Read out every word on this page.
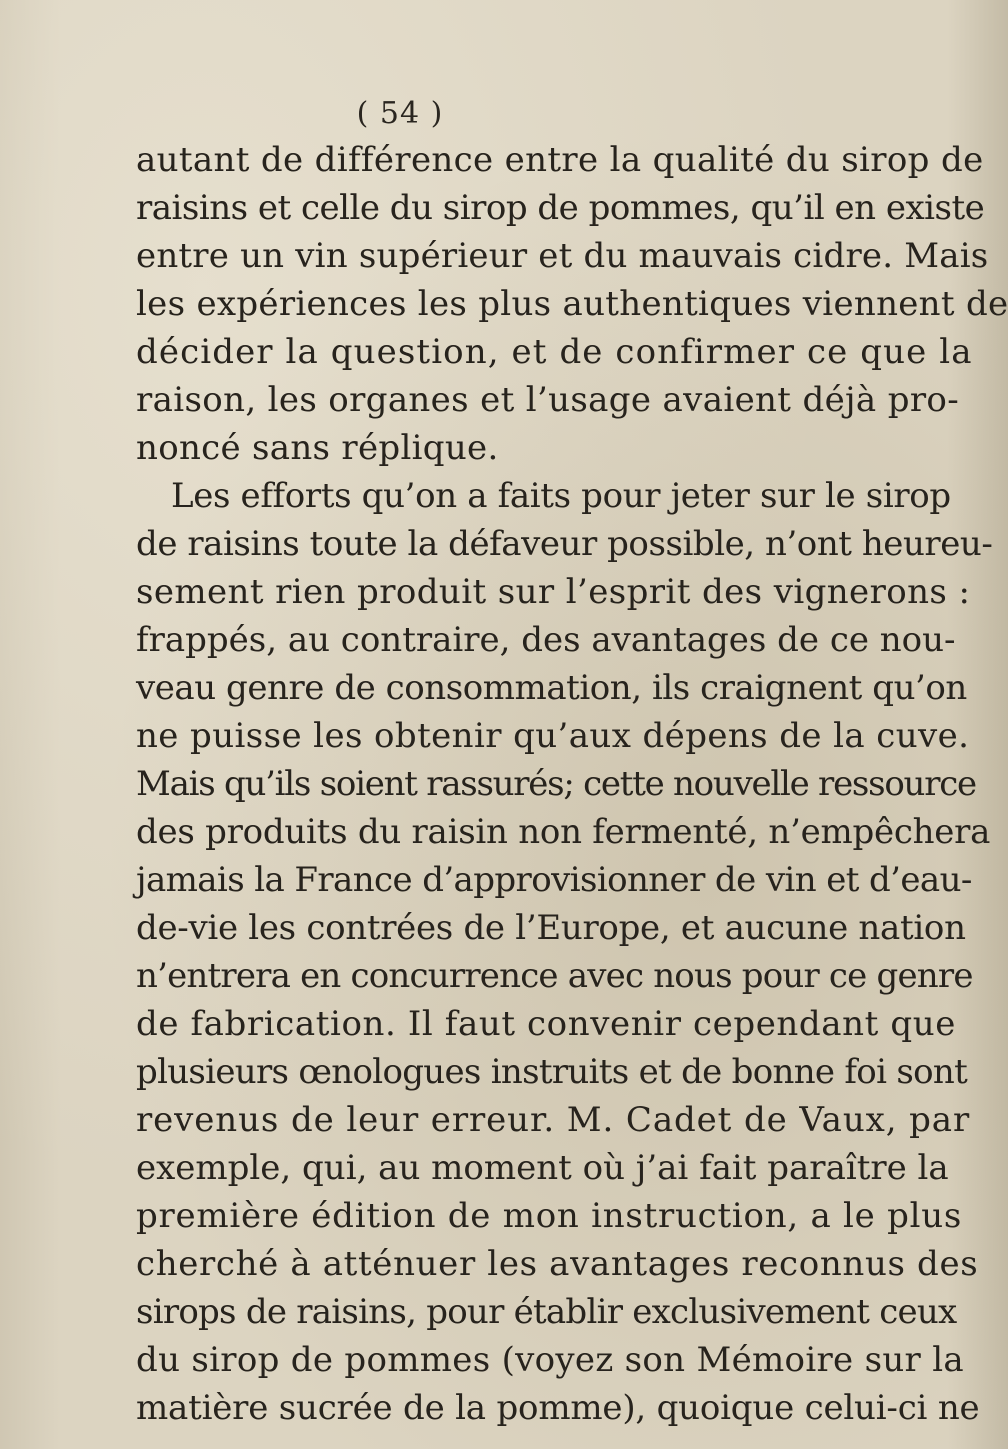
( 54 )
autant de différence entre la qualité du sirop de
raisins et celle du sirop de pommes, qu’il en existe
entre un vin supérieur et du mauvais cidre. Mais
les expériences les plus authentiques viennent de
décider la question, et de confirmer ce que la
raison, les organes et l’usage avaient déjà pro-
noncé sans réplique.
Les efforts qu’on a faits pour jeter sur le sirop
de raisins toute la défaveur possible, n’ont heureu-
sement rien produit sur l’esprit des vignerons :
frappés, au contraire, des avantages de ce nou-
veau genre de consommation, ils craignent qu’on
ne puisse les obtenir qu’aux dépens de la cuve.
Mais qu’ils soient rassurés; cette nouvelle ressource
des produits du raisin non fermenté, n’empêchera
jamais la France d’approvisionner de vin et d’eau-
de-vie les contrées de l’Europe, et aucune nation
n’entrera en concurrence avec nous pour ce genre
de fabrication. Il faut convenir cependant que
plusieurs œnologues instruits et de bonne foi sont
revenus de leur erreur. M. Cadet de Vaux, par
exemple, qui, au moment où j’ai fait paraître la
première édition de mon instruction, a le plus
cherché à atténuer les avantages reconnus des
sirops de raisins, pour établir exclusivement ceux
du sirop de pommes (voyez son Mémoire sur la
matière sucrée de la pomme), quoique celui-ci ne
